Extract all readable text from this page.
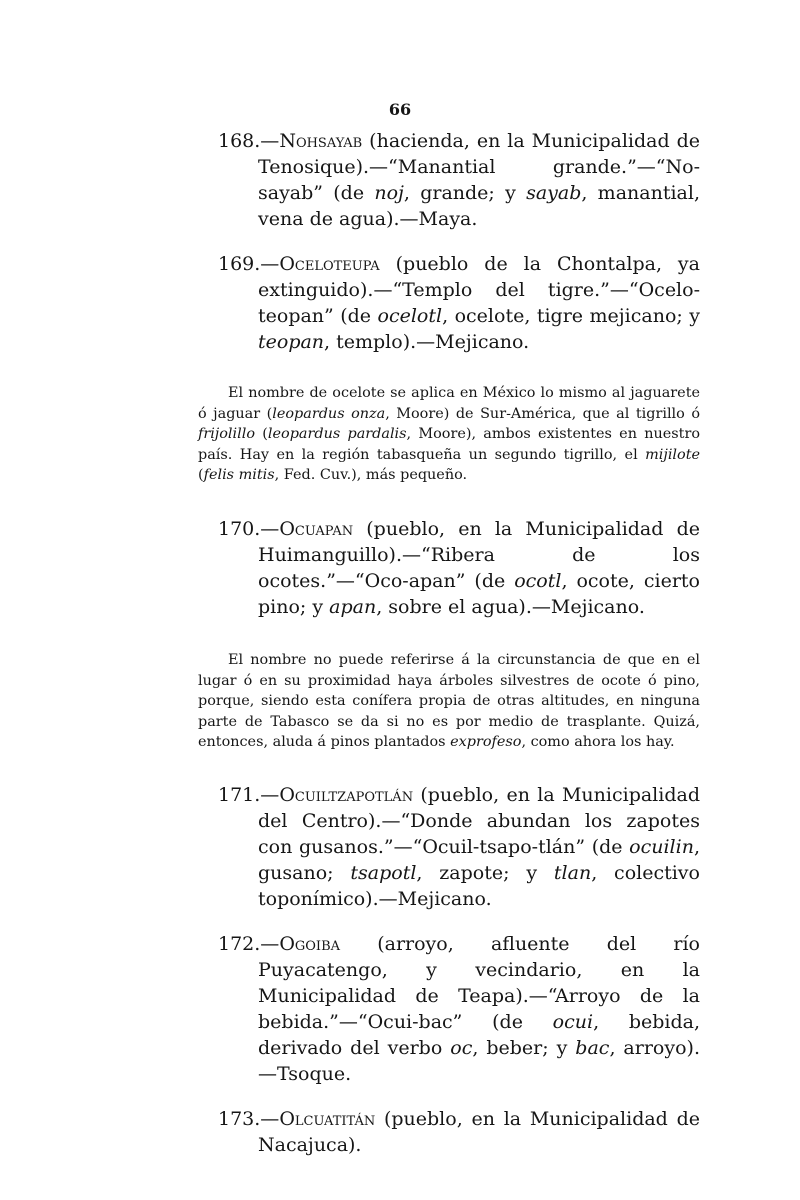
66

168.—Nohsayab (hacienda, en la Municipalidad de Tenosique).—“Manantial grande.”—“No-sayab” (de noj, grande; y sayab, manantial, vena de agua).—Maya.

169.—Oceloteupa (pueblo de la Chontalpa, ya extinguido).—“Templo del tigre.”—“Ocelo-teopan” (de ocelotl, ocelote, tigre mejicano; y teopan, templo).—Mejicano.

El nombre de ocelote se aplica en México lo mismo al jaguarete ó jaguar (leopardus onza, Moore) de Sur-América, que al tigrillo ó frijolillo (leopardus pardalis, Moore), ambos existentes en nuestro país. Hay en la región tabasqueña un segundo tigrillo, el mijilote (felis mitis, Fed. Cuv.), más pequeño.

170.—Ocuapan (pueblo, en la Municipalidad de Huimanguillo).—“Ribera de los ocotes.”—“Oco-apan” (de ocotl, ocote, cierto pino; y apan, sobre el agua).—Mejicano.

El nombre no puede referirse á la circunstancia de que en el lugar ó en su proximidad haya árboles silvestres de ocote ó pino, porque, siendo esta conífera propia de otras altitudes, en ninguna parte de Tabasco se da si no es por medio de trasplante. Quizá, entonces, aluda á pinos plantados exprofeso, como ahora los hay.

171.—Ocuiltzapotlán (pueblo, en la Municipalidad del Centro).—“Donde abundan los zapotes con gusanos.”—“Ocuil-tsapo-tlán” (de ocuilin, gusano; tsapotl, zapote; y tlan, colectivo toponímico).—Mejicano.

172.—Ogoiba (arroyo, afluente del río Puyacatengo, y vecindario, en la Municipalidad de Teapa).—“Arroyo de la bebida.”—“Ocui-bac” (de ocui, bebida, derivado del verbo oc, beber; y bac, arroyo).—Tsoque.

173.—Olcuatitán (pueblo, en la Municipalidad de Nacajuca).
